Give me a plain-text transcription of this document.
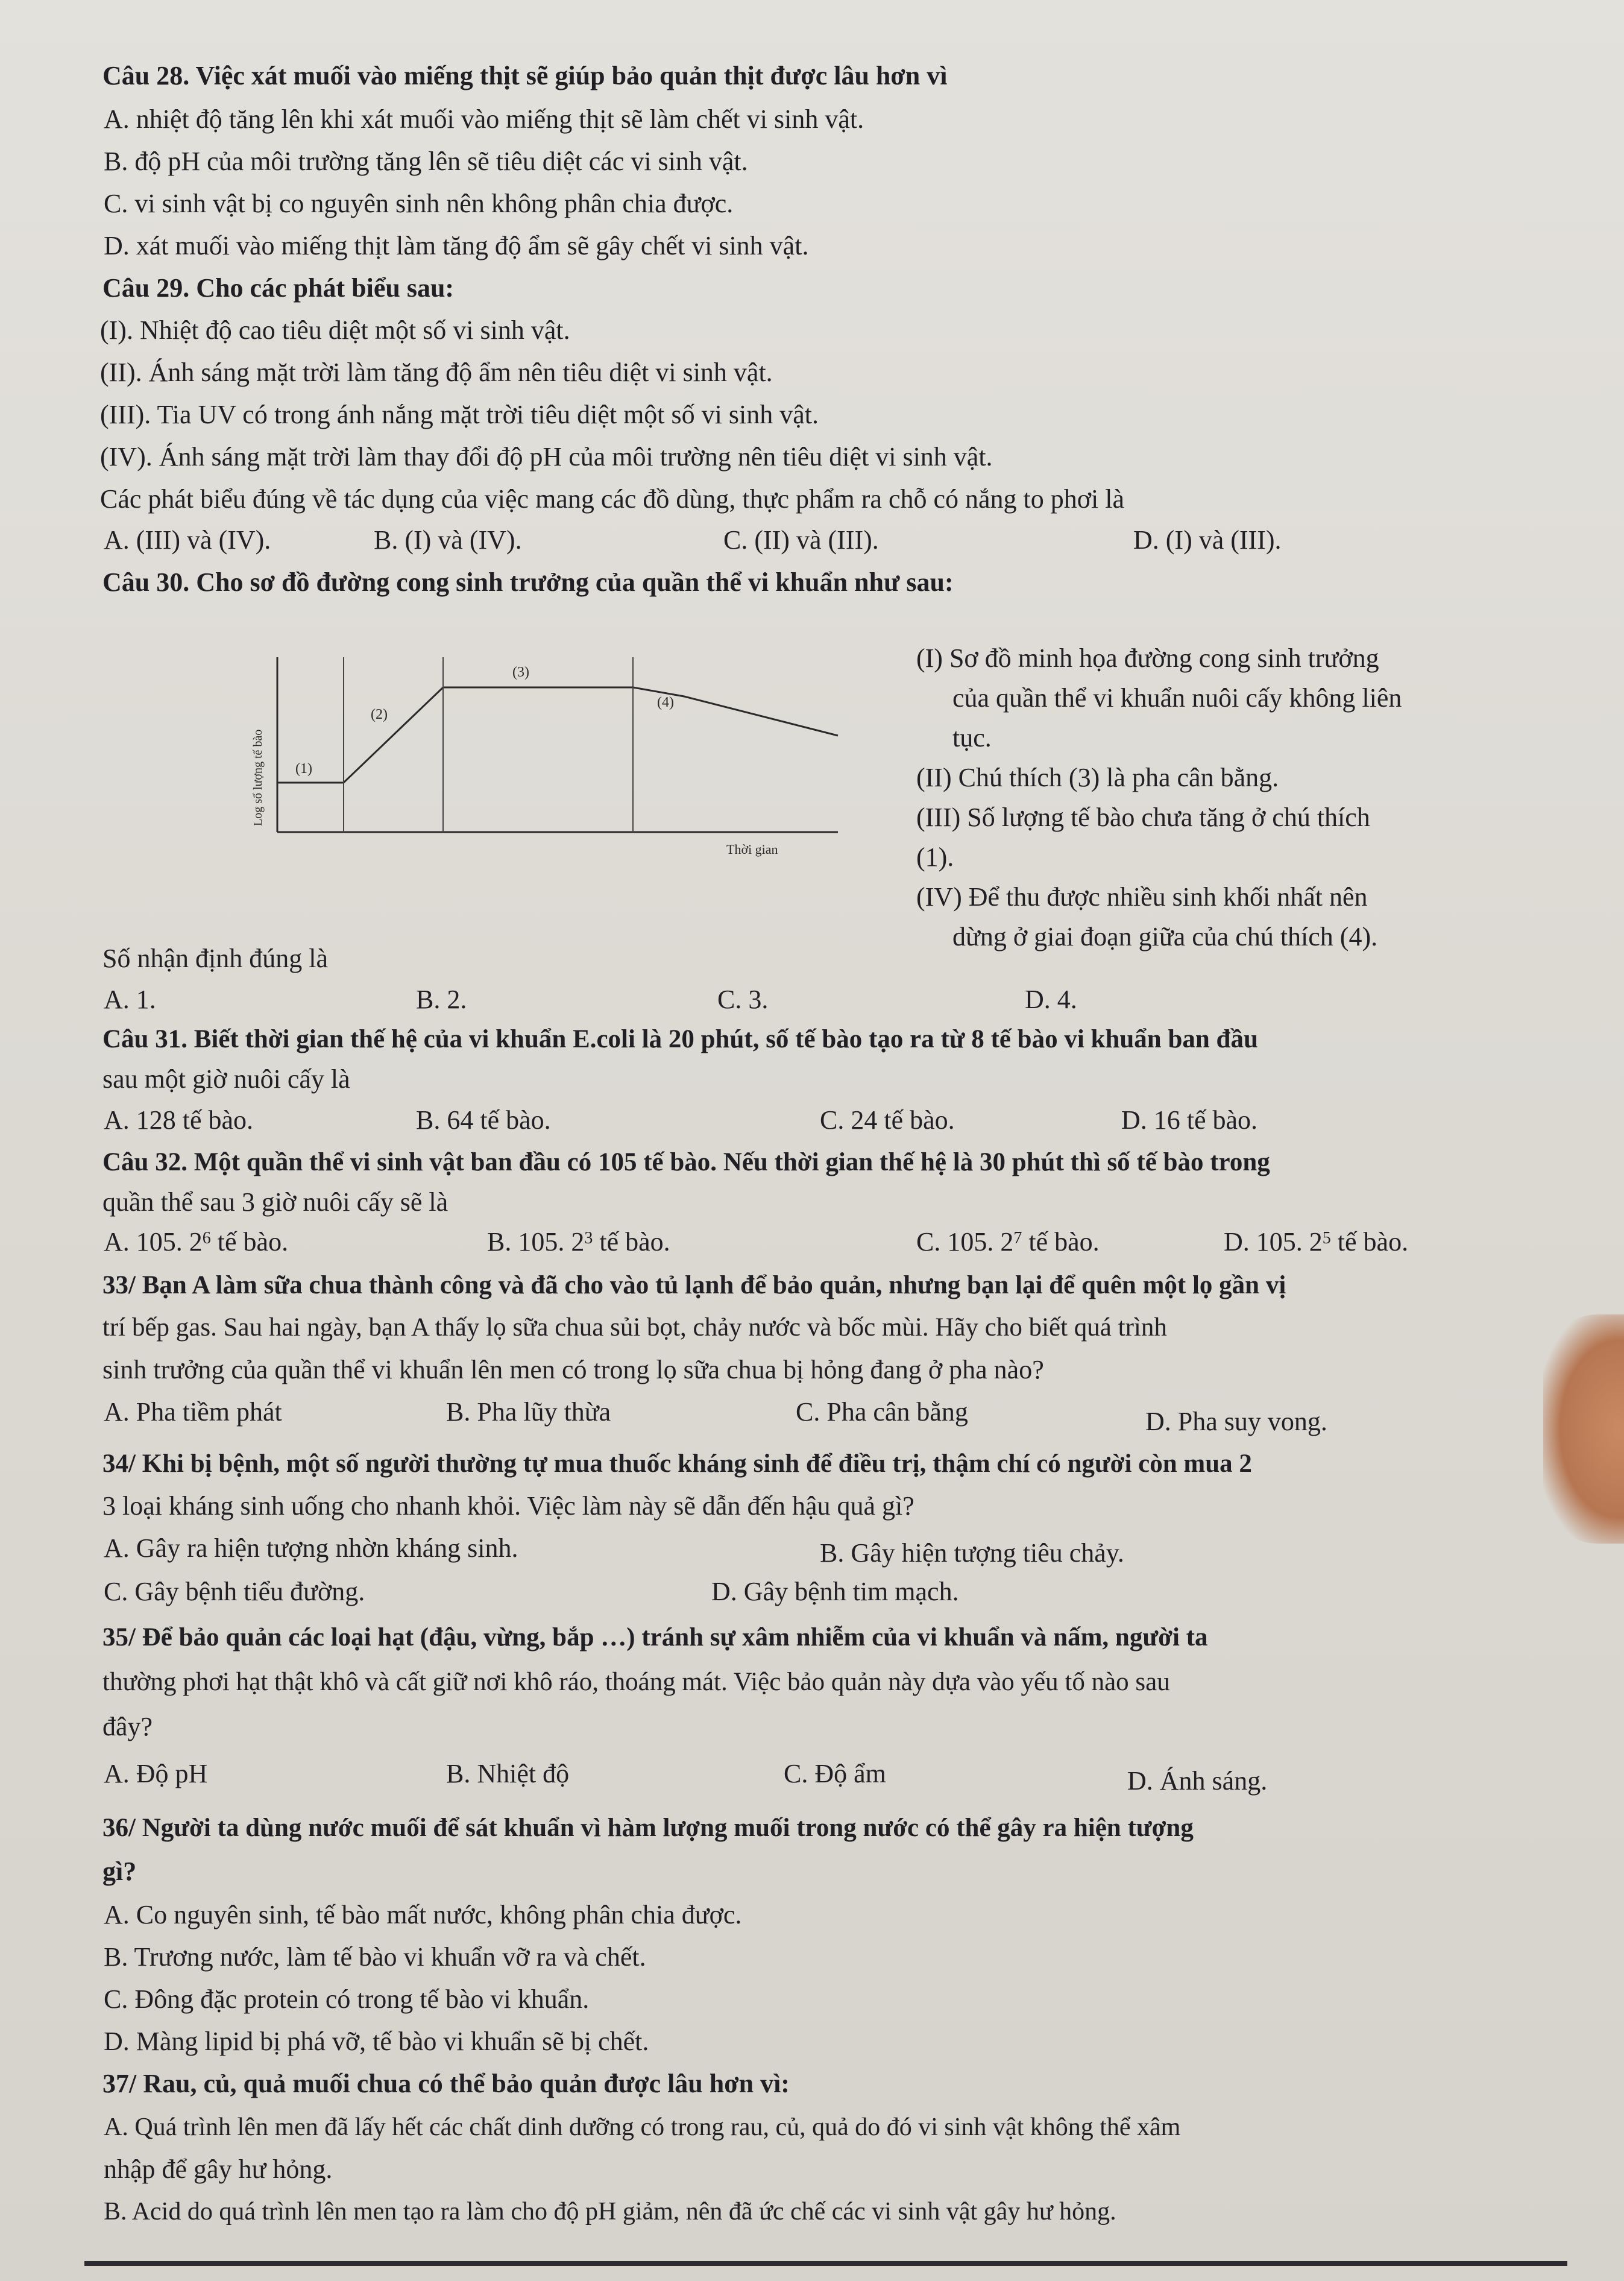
Câu 28. Việc xát muối vào miếng thịt sẽ giúp bảo quản thịt được lâu hơn vì
A. nhiệt độ tăng lên khi xát muối vào miếng thịt sẽ làm chết vi sinh vật.
B. độ pH của môi trường tăng lên sẽ tiêu diệt các vi sinh vật.
C. vi sinh vật bị co nguyên sinh nên không phân chia được.
D. xát muối vào miếng thịt làm tăng độ ẩm sẽ gây chết vi sinh vật.
Câu 29. Cho các phát biểu sau:
(I). Nhiệt độ cao tiêu diệt một số vi sinh vật.
(II). Ánh sáng mặt trời làm tăng độ ẩm nên tiêu diệt vi sinh vật.
(III). Tia UV có trong ánh nắng mặt trời tiêu diệt một số vi sinh vật.
(IV). Ánh sáng mặt trời làm thay đổi độ pH của môi trường nên tiêu diệt vi sinh vật.
Các phát biểu đúng về tác dụng của việc mang các đồ dùng, thực phẩm ra chỗ có nắng to phơi là
A. (III) và (IV).	B. (I) và (IV).	C. (II) và (III).	D. (I) và (III).
Câu 30. Cho sơ đồ đường cong sinh trưởng của quần thể vi khuẩn như sau:
(1)
(2)
(3)
(4)
Thời gian
Log số lượng tế bào
(I) Sơ đồ minh họa đường cong sinh trưởng
của quần thể vi khuẩn nuôi cấy không liên
tục.
(II) Chú thích (3) là pha cân bằng.
(III) Số lượng tế bào chưa tăng ở chú thích
(1).
(IV) Để thu được nhiều sinh khối nhất nên
dừng ở giai đoạn giữa của chú thích (4).
Số nhận định đúng là
A. 1.	B. 2.	C. 3.	D. 4.
Câu 31. Biết thời gian thế hệ của vi khuẩn E.coli là 20 phút, số tế bào tạo ra từ 8 tế bào vi khuẩn ban đầu
sau một giờ nuôi cấy là
A. 128 tế bào.	B. 64 tế bào.	C. 24 tế bào.	D. 16 tế bào.
Câu 32. Một quần thể vi sinh vật ban đầu có 105 tế bào. Nếu thời gian thế hệ là 30 phút thì số tế bào trong
quần thể sau 3 giờ nuôi cấy sẽ là
A. 105. $2^6$ tế bào.	B. 105. $2^3$ tế bào.	C. 105. $2^7$ tế bào.	D. 105. $2^5$ tế bào.
33/ Bạn A làm sữa chua thành công và đã cho vào tủ lạnh để bảo quản, nhưng bạn lại để quên một lọ gần vị
trí bếp gas. Sau hai ngày, bạn A thấy lọ sữa chua sủi bọt, chảy nước và bốc mùi. Hãy cho biết quá trình
sinh trưởng của quần thể vi khuẩn lên men có trong lọ sữa chua bị hỏng đang ở pha nào?
A. Pha tiềm phát	B. Pha lũy thừa	C. Pha cân bằng	D. Pha suy vong.
34/ Khi bị bệnh, một số người thường tự mua thuốc kháng sinh để điều trị, thậm chí có người còn mua 2
3 loại kháng sinh uống cho nhanh khỏi. Việc làm này sẽ dẫn đến hậu quả gì?
A. Gây ra hiện tượng nhờn kháng sinh.	B. Gây hiện tượng tiêu chảy.
C. Gây bệnh tiểu đường.	D. Gây bệnh tim mạch.
35/ Để bảo quản các loại hạt (đậu, vừng, bắp …) tránh sự xâm nhiễm của vi khuẩn và nấm, người ta
thường phơi hạt thật khô và cất giữ nơi khô ráo, thoáng mát. Việc bảo quản này dựa vào yếu tố nào sau
đây?
A. Độ pH	B. Nhiệt độ	C. Độ ẩm	D. Ánh sáng.
36/ Người ta dùng nước muối để sát khuẩn vì hàm lượng muối trong nước có thể gây ra hiện tượng
gì?
A. Co nguyên sinh, tế bào mất nước, không phân chia được.
B. Trương nước, làm tế bào vi khuẩn vỡ ra và chết.
C. Đông đặc protein có trong tế bào vi khuẩn.
D. Màng lipid bị phá vỡ, tế bào vi khuẩn sẽ bị chết.
37/ Rau, củ, quả muối chua có thể bảo quản được lâu hơn vì:
A. Quá trình lên men đã lấy hết các chất dinh dưỡng có trong rau, củ, quả do đó vi sinh vật không thể xâm
nhập để gây hư hỏng.
B. Acid do quá trình lên men tạo ra làm cho độ pH giảm, nên đã ức chế các vi sinh vật gây hư hỏng.
